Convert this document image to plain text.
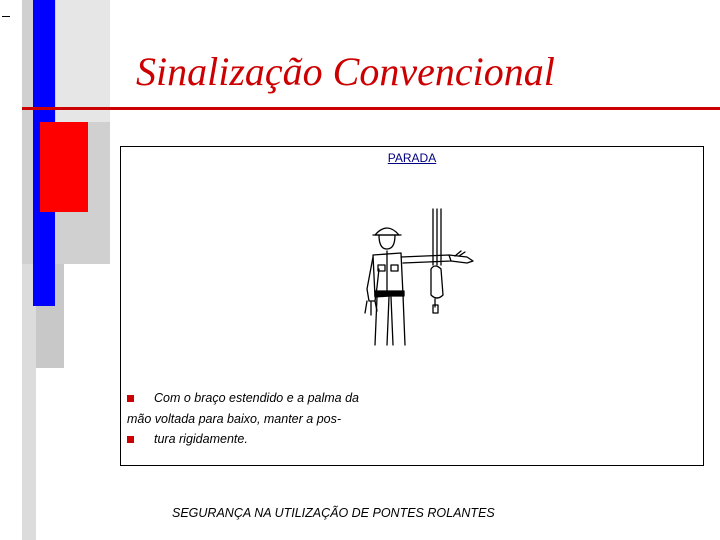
Sinalização Convencional
PARADA
Com o braço estendido e a palma da
mão voltada para baixo, manter a pos-
tura rigidamente.
SEGURANÇA NA UTILIZAÇÃO DE PONTES ROLANTES
